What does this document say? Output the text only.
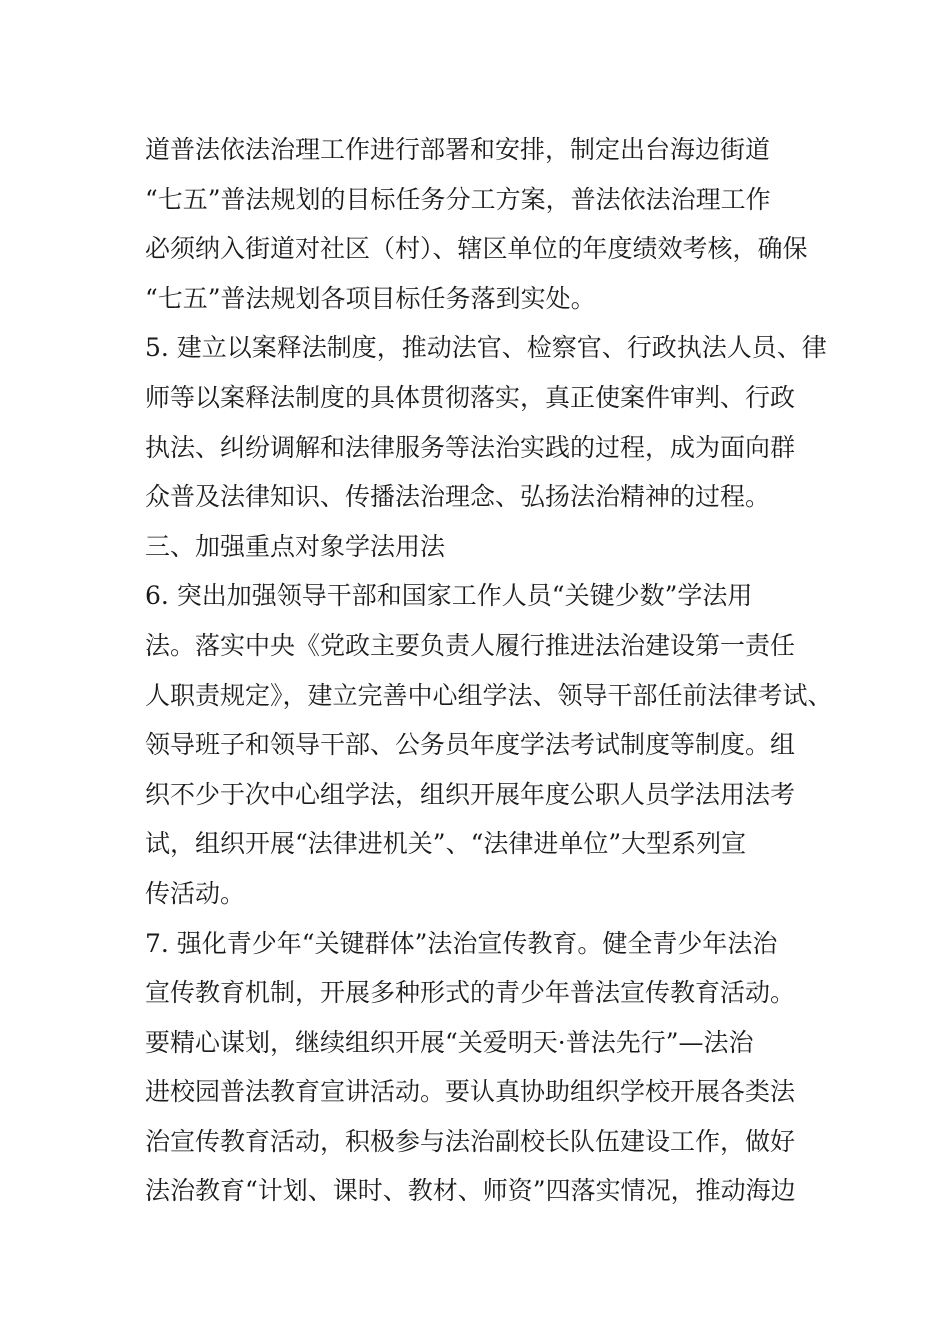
道普法依法治理工作进行部署和安排，制定出台海边街道
“七五”普法规划的目标任务分工方案，普法依法治理工作
必须纳入街道对社区（村）、辖区单位的年度绩效考核，确保
“七五”普法规划各项目标任务落到实处。
5. 建立以案释法制度，推动法官、检察官、行政执法人员、律
师等以案释法制度的具体贯彻落实，真正使案件审判、行政
执法、纠纷调解和法律服务等法治实践的过程，成为面向群
众普及法律知识、传播法治理念、弘扬法治精神的过程。
三、加强重点对象学法用法
6. 突出加强领导干部和国家工作人员“关键少数”学法用
法。落实中央《党政主要负责人履行推进法治建设第一责任
人职责规定》，建立完善中心组学法、领导干部任前法律考试、
领导班子和领导干部、公务员年度学法考试制度等制度。组
织不少于次中心组学法，组织开展年度公职人员学法用法考
试，组织开展“法律进机关”、“法律进单位”大型系列宣
传活动。
7. 强化青少年“关键群体”法治宣传教育。健全青少年法治
宣传教育机制，开展多种形式的青少年普法宣传教育活动。
要精心谋划，继续组织开展“关爱明天·普法先行”—法治
进校园普法教育宣讲活动。要认真协助组织学校开展各类法
治宣传教育活动，积极参与法治副校长队伍建设工作，做好
法治教育“计划、课时、教材、师资”四落实情况，推动海边
